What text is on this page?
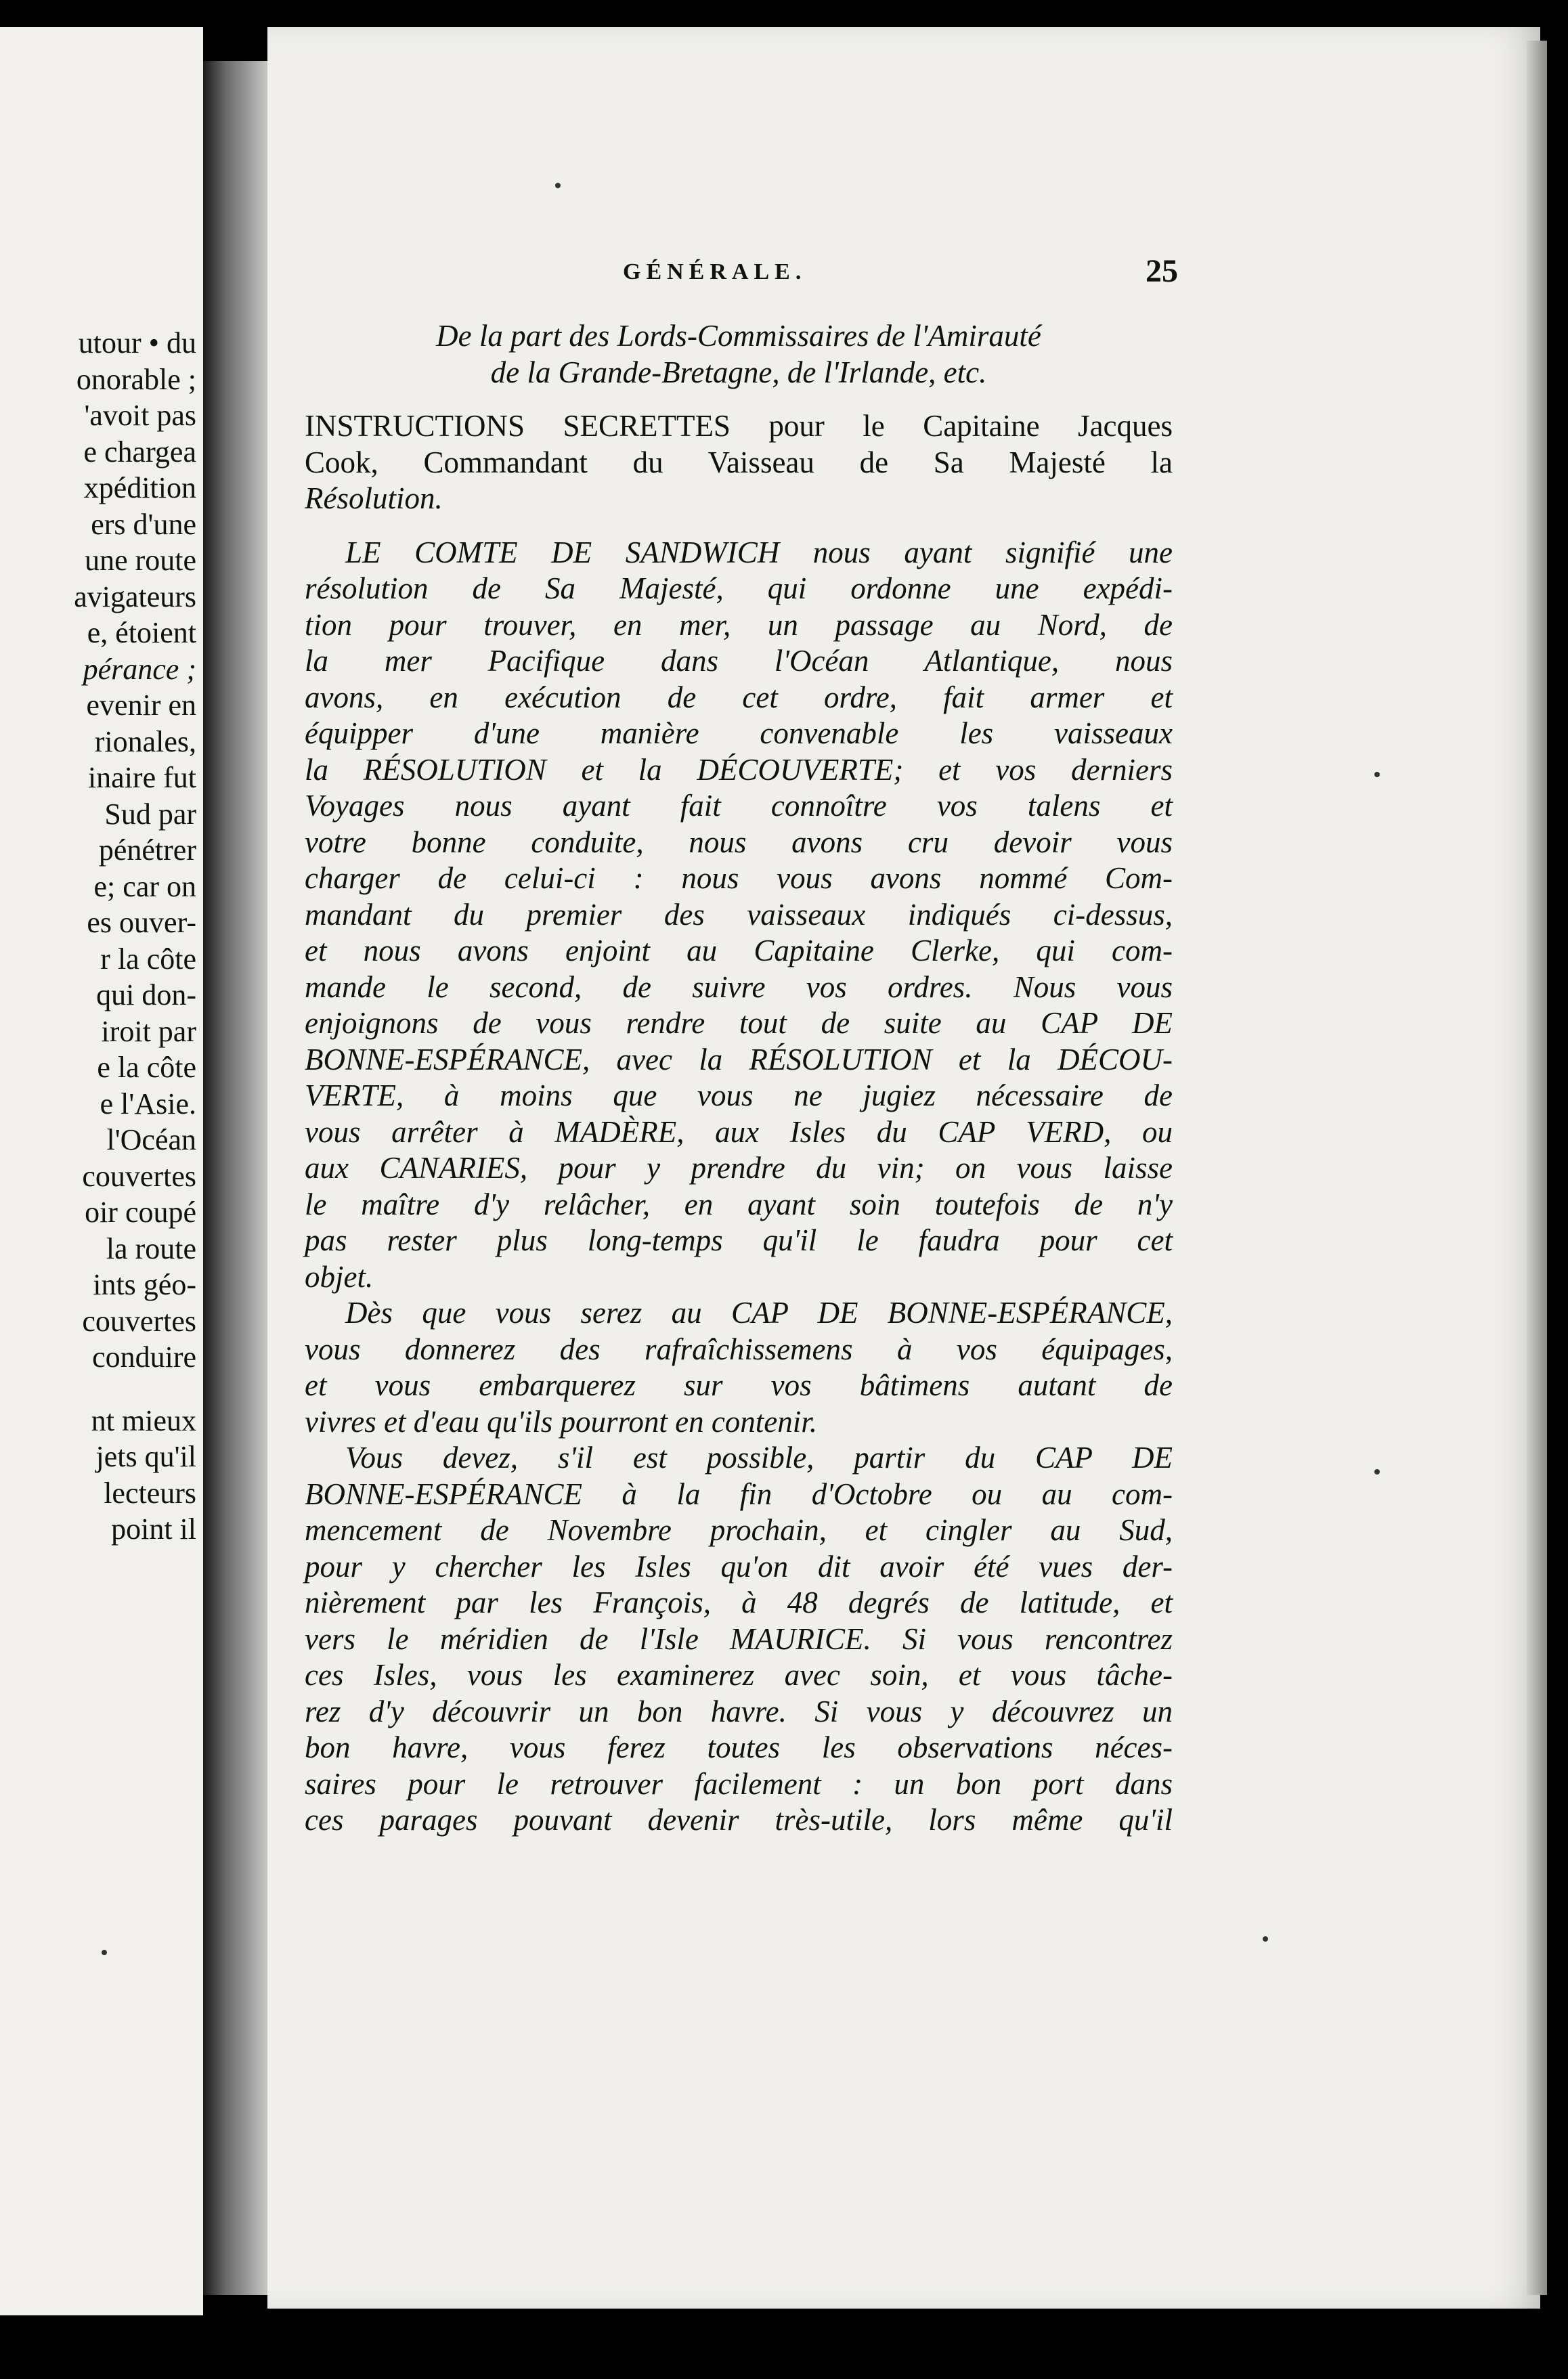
utour • du
onorable ;
'avoit pas
e chargea
xpédition
ers d'une
une route
avigateurs
e, étoient
pérance ;
evenir en
rionales,
inaire fut
Sud par
pénétrer
e; car on
es ouver-
r la côte
qui don-
iroit par
e la côte
e l'Asie.
l'Océan
couvertes
oir coupé
la route
ints géo-
couvertes
conduire
nt mieux
jets qu'il
lecteurs
point il
GÉNÉRALE.	25
De la part des Lords-Commissaires de l'Amirauté
de la Grande-Bretagne, de l'Irlande, etc.
INSTRUCTIONS SECRETTES pour le Capitaine Jacques
Cook, Commandant du Vaisseau de Sa Majesté la
Résolution.
LE COMTE DE SANDWICH nous ayant signifié une
résolution de Sa Majesté, qui ordonne une expédi-
tion pour trouver, en mer, un passage au Nord, de
la mer Pacifique dans l'Océan Atlantique, nous
avons, en exécution de cet ordre, fait armer et
équipper d'une manière convenable les vaisseaux
la RÉSOLUTION et la DÉCOUVERTE; et vos derniers
Voyages nous ayant fait connoître vos talens et
votre bonne conduite, nous avons cru devoir vous
charger de celui-ci : nous vous avons nommé Com-
mandant du premier des vaisseaux indiqués ci-dessus,
et nous avons enjoint au Capitaine Clerke, qui com-
mande le second, de suivre vos ordres. Nous vous
enjoignons de vous rendre tout de suite au CAP DE
BONNE-ESPÉRANCE, avec la RÉSOLUTION et la DÉCOU-
VERTE, à moins que vous ne jugiez nécessaire de
vous arrêter à MADÈRE, aux Isles du CAP VERD, ou
aux CANARIES, pour y prendre du vin; on vous laisse
le maître d'y relâcher, en ayant soin toutefois de n'y
pas rester plus long-temps qu'il le faudra pour cet
objet.
Dès que vous serez au CAP DE BONNE-ESPÉRANCE,
vous donnerez des rafraîchissemens à vos équipages,
et vous embarquerez sur vos bâtimens autant de
vivres et d'eau qu'ils pourront en contenir.
Vous devez, s'il est possible, partir du CAP DE
BONNE-ESPÉRANCE à la fin d'Octobre ou au com-
mencement de Novembre prochain, et cingler au Sud,
pour y chercher les Isles qu'on dit avoir été vues der-
nièrement par les François, à 48 degrés de latitude, et
vers le méridien de l'Isle MAURICE. Si vous rencontrez
ces Isles, vous les examinerez avec soin, et vous tâche-
rez d'y découvrir un bon havre. Si vous y découvrez un
bon havre, vous ferez toutes les observations néces-
saires pour le retrouver facilement : un bon port dans
ces parages pouvant devenir très-utile, lors même qu'il
